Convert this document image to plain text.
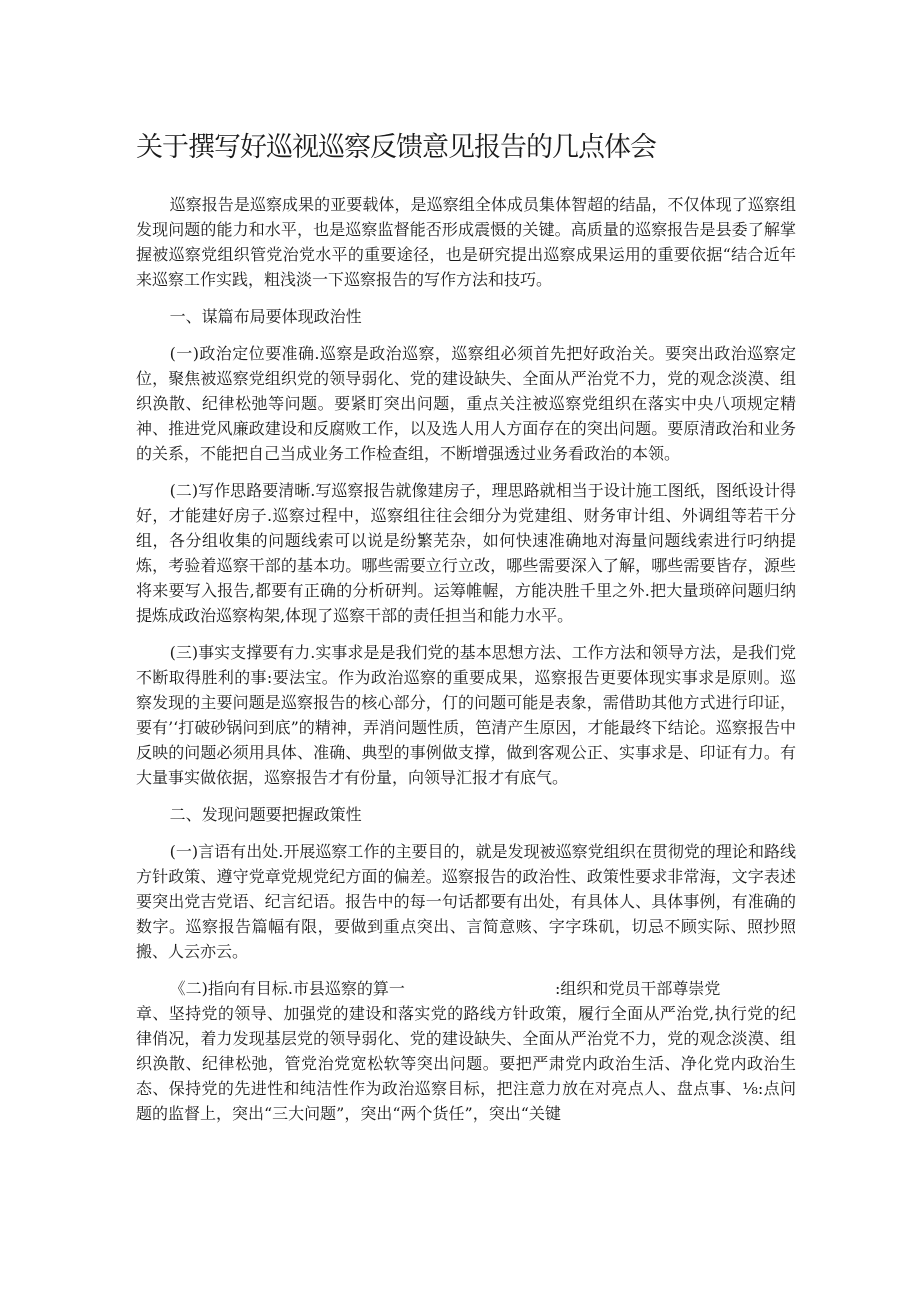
关于撰写好巡视巡察反馈意见报告的几点体会

巡察报告是巡察成果的亚要载体，是巡察组全体成员集体智超的结晶，不仅体现了巡察组发现问题的能力和水平，也是巡察监督能否形成震慑的关键。高质量的巡察报告是县委了解掌握被巡察党组织管党治党水平的重要途径，也是研究提出巡察成果运用的重要依据“结合近年来巡察工作实践，粗浅淡一下巡察报告的写作方法和技巧。

一、谋篇布局要体现政治性

(一)政治定位要准确.巡察是政治巡察，巡察组必须首先把好政治关。要突出政治巡察定位，聚焦被巡察党组织党的领导弱化、党的建设缺失、全面从严治党不力，党的观念淡漠、组织涣散、纪律松弛等问题。要紧盯突出问题，重点关注被巡察党组织在落实中央八项规定精神、推进党风廉政建设和反腐败工作，以及选人用人方面存在的突出问题。要原清政治和业务的关系，不能把自己当成业务工作检查组，不断增强透过业务看政治的本领。

(二)写作思路要清晰.写巡察报告就像建房子，理思路就相当于设计施工图纸，图纸设计得好，才能建好房子.巡察过程中，巡察组往往会细分为党建组、财务审计组、外调组等若干分组，各分组收集的问题线索可以说是纷繁芜杂，如何快速准确地对海量问题线索进行叼纳提炼，考验着巡察干部的基本功。哪些需要立行立改，哪些需要深入了解，哪些需要皆存，源些将来要写入报告,都要有正确的分析研判。运筹帷幄，方能决胜千里之外.把大量琐碎问题归纳提炼成政治巡察构架,体现了巡察干部的责任担当和能力水平。

(三)事实支撑要有力.实事求是是我们党的基本思想方法、工作方法和领导方法，是我们党不断取得胜利的事:要法宝。作为政治巡察的重要成果，巡察报告更要体现实事求是原则。巡察发现的主要问题是巡察报告的核心部分，仃的问题可能是表象，需借助其他方式进行印证，要有’‘打破砂锅问到底”的精神，弄消问题性质，笆清产生原因，才能最终下结论。巡察报告中反映的问题必须用具体、准确、典型的事例做支撑，做到客观公正、实事求是、印证有力。有大量事实做依据，巡察报告才有份量，向领导汇报才有底气。

二、发现问题要把握政策性

(一)言语有出处.开展巡察工作的主要目的，就是发现被巡察党组织在贯彻党的理论和路线方针政策、遵守党章党规党纪方面的偏差。巡察报告的政治性、政策性要求非常海，文字表述要突出党吉党语、纪言纪语。报告中的每一句话都要有出处，有具体人、具体事例，有准确的数字。巡察报告篇幅有限，要做到重点突出、言简意赅、字字珠矶，切忌不顾实际、照抄照搬、人云亦云。

《二)指向有目标.市县巡察的算一	:组织和党员干部尊崇党

章、坚持党的领导、加强党的建设和落实党的路线方针政策，履行全面从严治党,执行党的纪律俏况，着力发现基层党的领导弱化、党的建设缺失、全面从严治党不力，党的观念淡漠、组织涣散、纪律松弛，管党治党宽松软等突出问题。要把严肃党内政治生活、净化党内政治生态、保持党的先进性和纯洁性作为政治巡察目标，把注意力放在对亮点人、盘点事、⅛:点问题的监督上，突出“三大问题”，突出“两个货任”，突出“关键
